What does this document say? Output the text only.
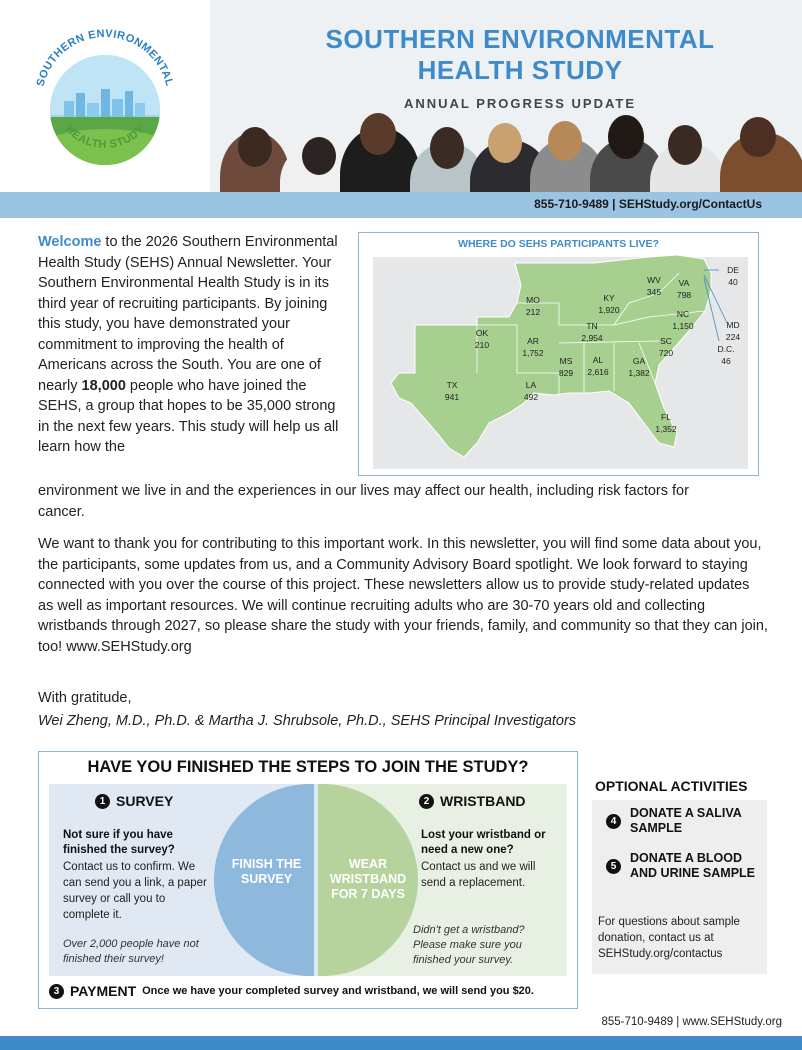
SOUTHERN ENVIRONMENTAL
HEALTH STUDY
SOUTHERN ENVIRONMENTAL
HEALTH STUDY
ANNUAL PROGRESS UPDATE
855-710-9489 | SEHStudy.org/ContactUs
Welcome to the 2026 Southern Environmental Health Study (SEHS) Annual Newsletter. Your Southern Environmental Health Study is in its third year of recruiting participants. By joining this study, you have demonstrated your commitment to improving the health of Americans across the South. You are one of nearly 18,000 people who have joined the SEHS, a group that hopes to be 35,000 strong in the next few years. This study will help us all learn how the
environment we live in and the experiences in our lives may affect our health, including risk factors for cancer.
TX
941
OK
210
MO
212
AR
1,752
LA
492
MS
829
AL
2,616
TN
2,954
KY
1,920
WV
345
VA
798
NC
1,150
SC
720
GA
1,382
FL
1,352
DE
40
MD
224
D.C.
46
WHERE DO SEHS PARTICIPANTS LIVE?
We want to thank you for contributing to this important work. In this newsletter, you will find some data about you, the participants, some updates from us, and a Community Advisory Board spotlight. We look forward to staying connected with you over the course of this project. These newsletters allow us to provide study-related updates as well as important resources. We will continue recruiting adults who are 30-70 years old and collecting wristbands through 2027, so please share the study with your friends, family, and community so that they can join, too! www.SEHStudy.org
With gratitude,
Wei Zheng, M.D., Ph.D. & Martha J. Shrubsole, Ph.D., SEHS Principal Investigators
HAVE YOU FINISHED THE STEPS TO JOIN THE STUDY?
FINISH THE SURVEY
WEAR WRISTBAND FOR 7 DAYS
1 SURVEY
Not sure if you have finished the survey?
Contact us to confirm. We can send you a link, a paper survey or call you to complete it.
Over 2,000 people have not finished their survey!
2 WRISTBAND
Lost your wristband or need a new one?
Contact us and we will send a replacement.
Didn't get a wristband? Please make sure you finished your survey.
3 PAYMENT Once we have your completed survey and wristband, we will send you $20.
OPTIONAL ACTIVITIES
4
DONATE A SALIVA SAMPLE
5
DONATE A BLOOD AND URINE SAMPLE
For questions about sample donation, contact us at SEHStudy.org/contactus
855-710-9489 | www.SEHStudy.org
